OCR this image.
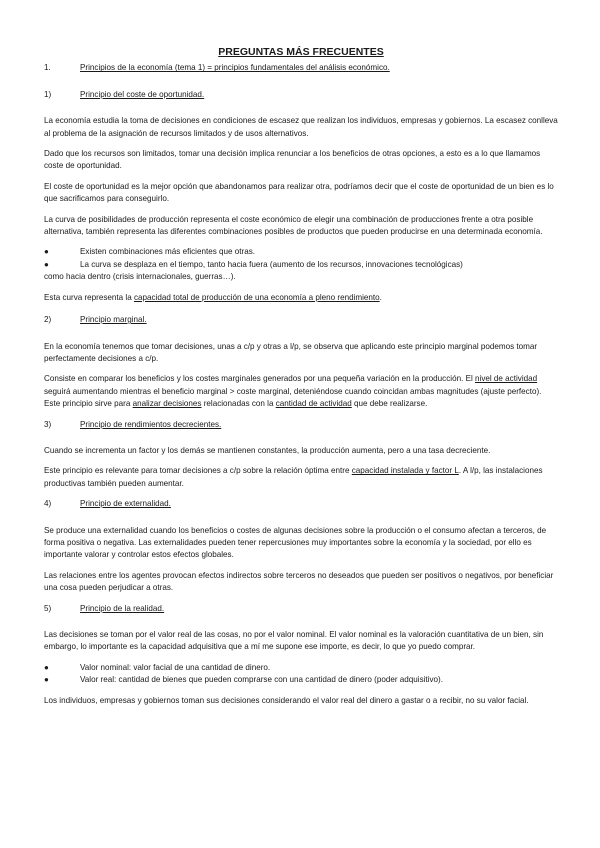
PREGUNTAS MÁS FRECUENTES
1.	Principios de la economía (tema 1) = principios fundamentales del análisis económico.
1)	Principio del coste de oportunidad.

La economía estudia la toma de decisiones en condiciones de escasez que realizan los individuos, empresas y gobiernos. La escasez conlleva al problema de la asignación de recursos limitados y de usos alternativos.

Dado que los recursos son limitados, tomar una decisión implica renunciar a los beneficios de otras opciones, a esto es a lo que llamamos coste de oportunidad.

El coste de oportunidad es la mejor opción que abandonamos para realizar otra, podríamos decir que el coste de oportunidad de un bien es lo que sacrificamos para conseguirlo.

La curva de posibilidades de producción representa el coste económico de elegir una combinación de producciones frente a otra posible alternativa, también representa las diferentes combinaciones posibles de productos que pueden producirse en una determinada economía.

●	Existen combinaciones más eficientes que otras.
●	La curva se desplaza en el tiempo, tanto hacia fuera (aumento de los recursos, innovaciones tecnológicas)

como hacia dentro (crisis internacionales, guerras…).

Esta curva representa la capacidad total de producción de una economía a pleno rendimiento.

2)	Principio marginal.

En la economía tenemos que tomar decisiones, unas a c/p y otras a l/p, se observa que aplicando este principio marginal podemos tomar perfectamente decisiones a c/p.

Consiste en comparar los beneficios y los costes marginales generados por una pequeña variación en la producción. El nivel de actividad seguirá aumentando mientras el beneficio marginal > coste marginal, deteniéndose cuando coincidan ambas magnitudes (ajuste perfecto). Este principio sirve para analizar decisiones relacionadas con la cantidad de actividad que debe realizarse.

3)	Principio de rendimientos decrecientes.

Cuando se incrementa un factor y los demás se mantienen constantes, la producción aumenta, pero a una tasa decreciente.

Este principio es relevante para tomar decisiones a c/p sobre la relación óptima entre capacidad instalada y factor L. A l/p, las instalaciones productivas también pueden aumentar.

4)	Principio de externalidad.

Se produce una externalidad cuando los beneficios o costes de algunas decisiones sobre la producción o el consumo afectan a terceros, de forma positiva o negativa. Las externalidades pueden tener repercusiones muy importantes sobre la economía y la sociedad, por ello es importante valorar y controlar estos efectos globales.

Las relaciones entre los agentes provocan efectos indirectos sobre terceros no deseados que pueden ser positivos o negativos, por beneficiar una cosa pueden perjudicar a otras.

5)	Principio de la realidad.

Las decisiones se toman por el valor real de las cosas, no por el valor nominal. El valor nominal es la valoración cuantitativa de un bien, sin embargo, lo importante es la capacidad adquisitiva que a mí me supone ese importe, es decir, lo que yo puedo comprar.

●	Valor nominal: valor facial de una cantidad de dinero.
●	Valor real: cantidad de bienes que pueden comprarse con una cantidad de dinero (poder adquisitivo).

Los individuos, empresas y gobiernos toman sus decisiones considerando el valor real del dinero a gastar o a recibir, no su valor facial.
